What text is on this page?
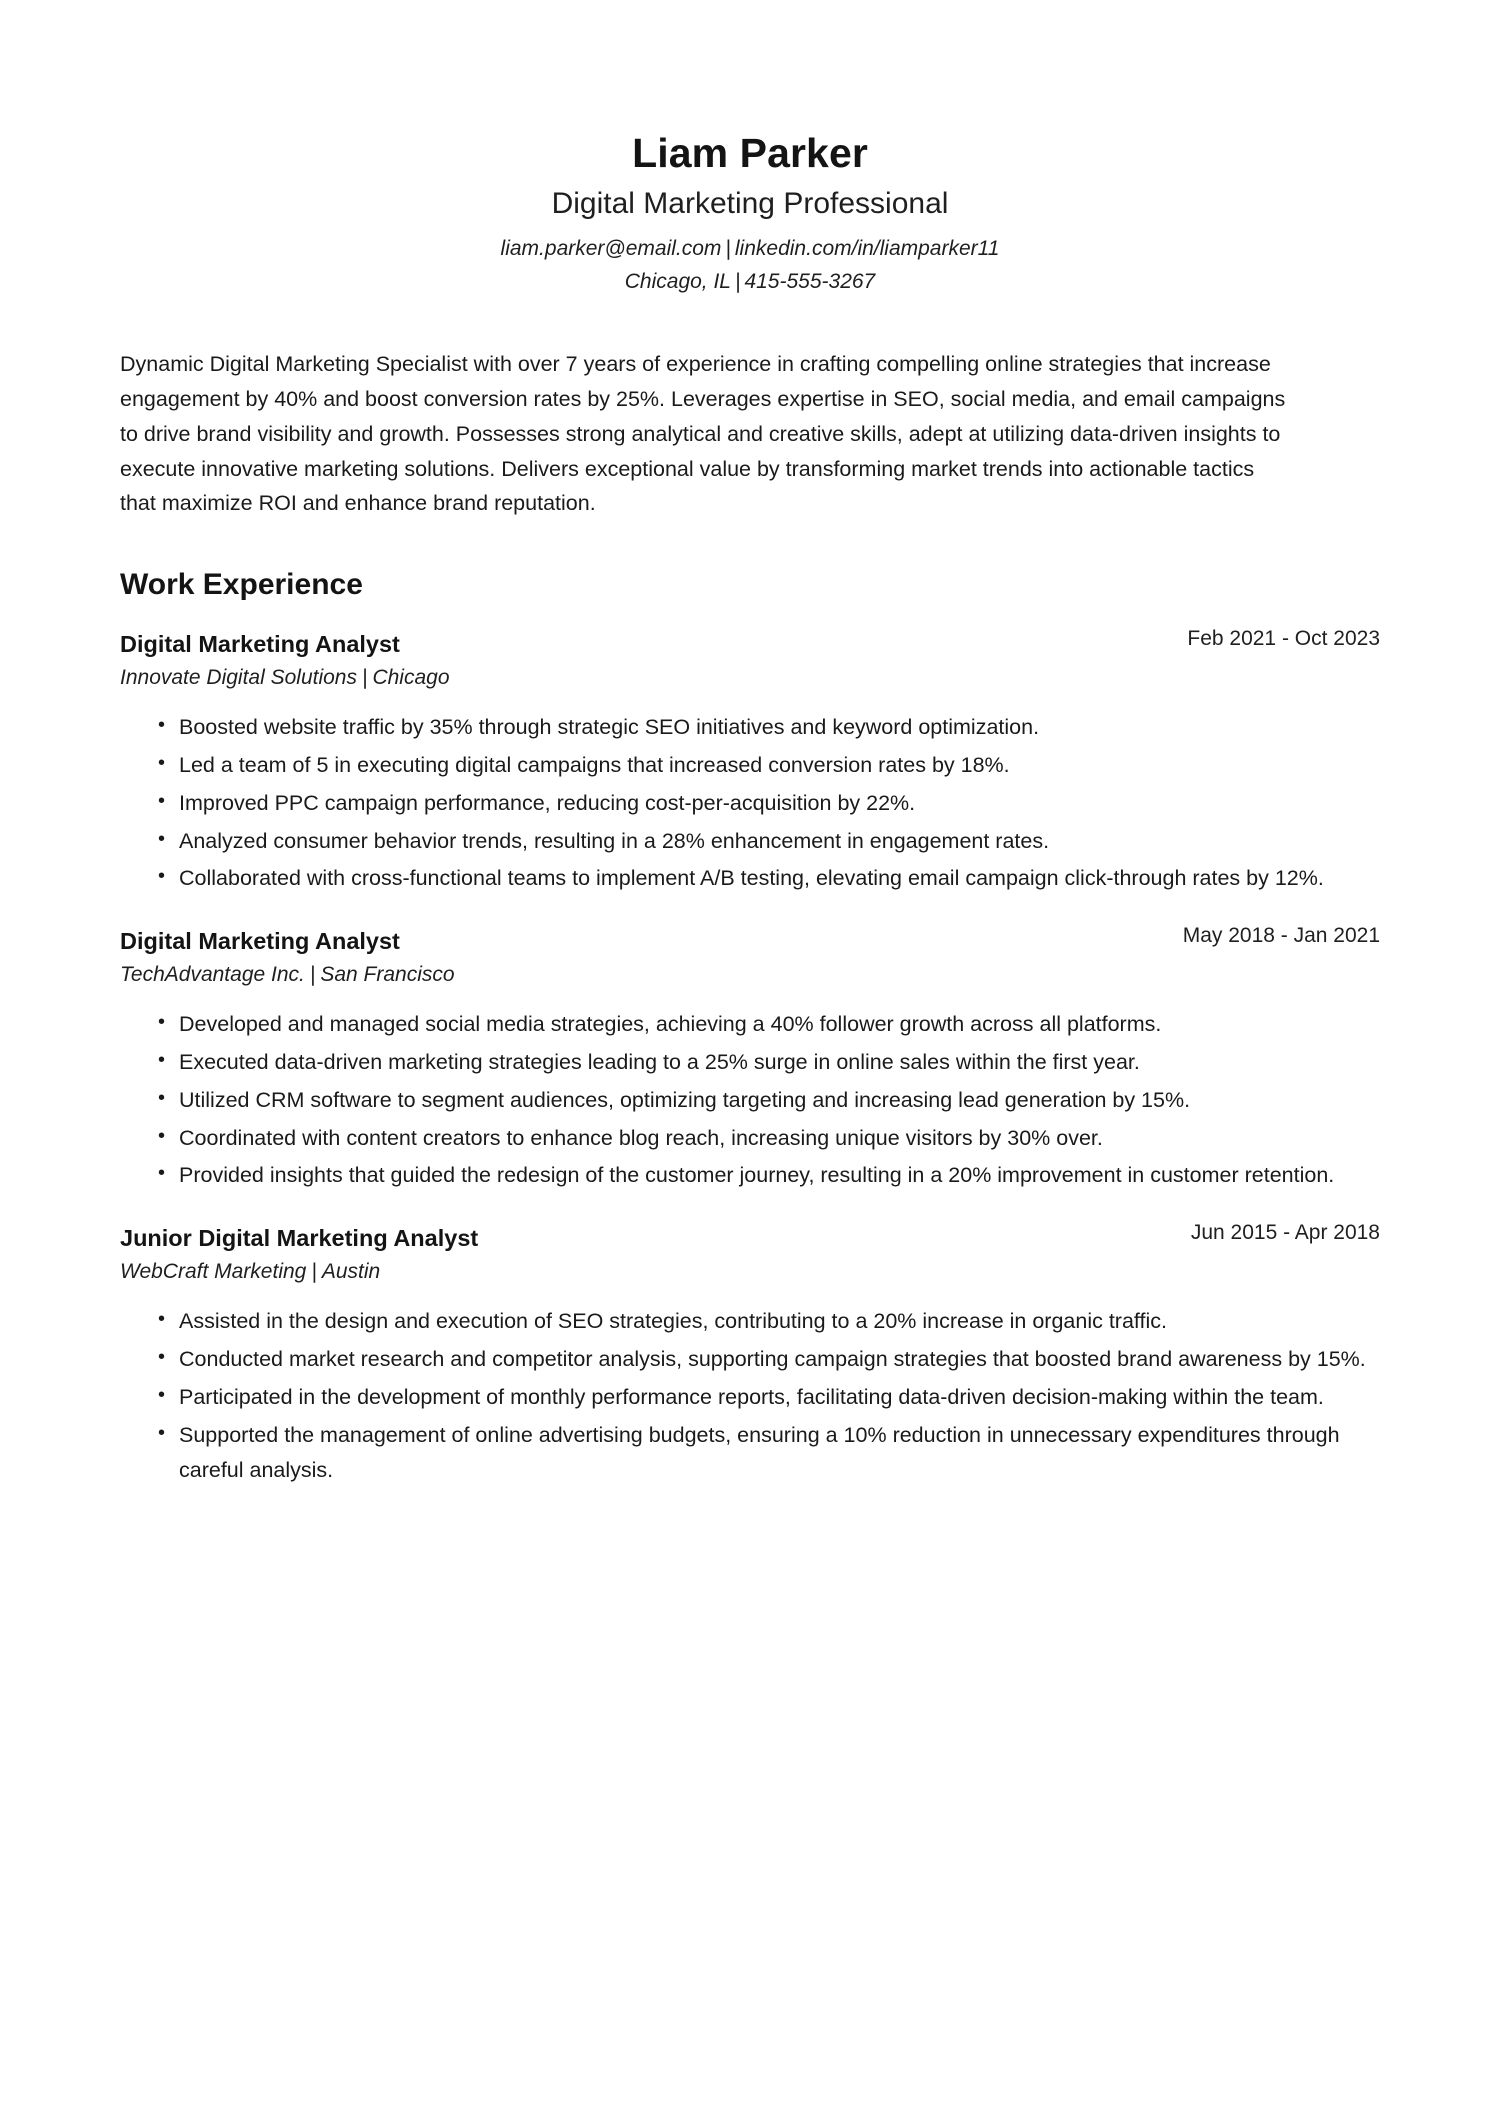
Liam Parker
Digital Marketing Professional
liam.parker@email.com | linkedin.com/in/liamparker11
Chicago, IL | 415-555-3267
Dynamic Digital Marketing Specialist with over 7 years of experience in crafting compelling online strategies that increase engagement by 40% and boost conversion rates by 25%. Leverages expertise in SEO, social media, and email campaigns to drive brand visibility and growth. Possesses strong analytical and creative skills, adept at utilizing data-driven insights to execute innovative marketing solutions. Delivers exceptional value by transforming market trends into actionable tactics that maximize ROI and enhance brand reputation.
Work Experience
Digital Marketing Analyst	Feb 2021 - Oct 2023
Innovate Digital Solutions | Chicago
• Boosted website traffic by 35% through strategic SEO initiatives and keyword optimization.
• Led a team of 5 in executing digital campaigns that increased conversion rates by 18%.
• Improved PPC campaign performance, reducing cost-per-acquisition by 22%.
• Analyzed consumer behavior trends, resulting in a 28% enhancement in engagement rates.
• Collaborated with cross-functional teams to implement A/B testing, elevating email campaign click-through rates by 12%.
Digital Marketing Analyst	May 2018 - Jan 2021
TechAdvantage Inc. | San Francisco
• Developed and managed social media strategies, achieving a 40% follower growth across all platforms.
• Executed data-driven marketing strategies leading to a 25% surge in online sales within the first year.
• Utilized CRM software to segment audiences, optimizing targeting and increasing lead generation by 15%.
• Coordinated with content creators to enhance blog reach, increasing unique visitors by 30% over.
• Provided insights that guided the redesign of the customer journey, resulting in a 20% improvement in customer retention.
Junior Digital Marketing Analyst	Jun 2015 - Apr 2018
WebCraft Marketing | Austin
• Assisted in the design and execution of SEO strategies, contributing to a 20% increase in organic traffic.
• Conducted market research and competitor analysis, supporting campaign strategies that boosted brand awareness by 15%.
• Participated in the development of monthly performance reports, facilitating data-driven decision-making within the team.
• Supported the management of online advertising budgets, ensuring a 10% reduction in unnecessary expenditures through careful analysis.
